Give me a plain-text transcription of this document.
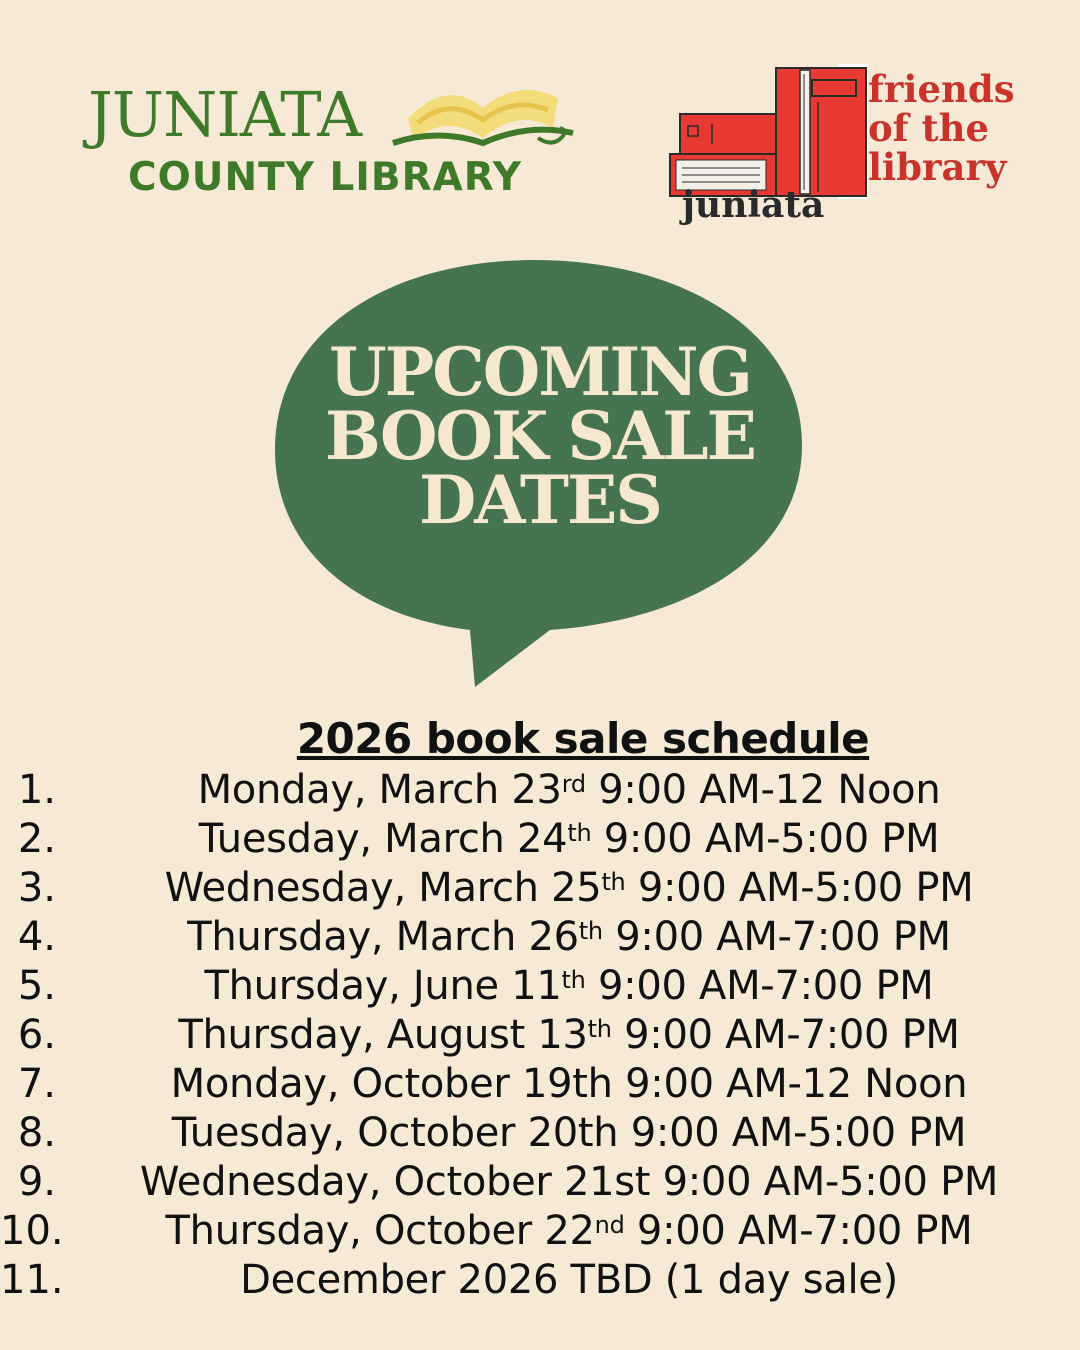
JUNIATA
COUNTY LIBRARY
friends
of the
library
juniata
UPCOMING
BOOK SALE
DATES
2026 book sale schedule
1.	Monday, March 23rd 9:00 AM-12 Noon
2.	Tuesday, March 24th 9:00 AM-5:00 PM
3.	Wednesday, March 25th 9:00 AM-5:00 PM
4.	Thursday, March 26th 9:00 AM-7:00 PM
5.	Thursday, June 11th 9:00 AM-7:00 PM
6.	Thursday, August 13th 9:00 AM-7:00 PM
7.	Monday, October 19th 9:00 AM-12 Noon
8.	Tuesday, October 20th 9:00 AM-5:00 PM
9.	Wednesday, October 21st 9:00 AM-5:00 PM
10.	Thursday, October 22nd 9:00 AM-7:00 PM
11.	December 2026 TBD (1 day sale)
